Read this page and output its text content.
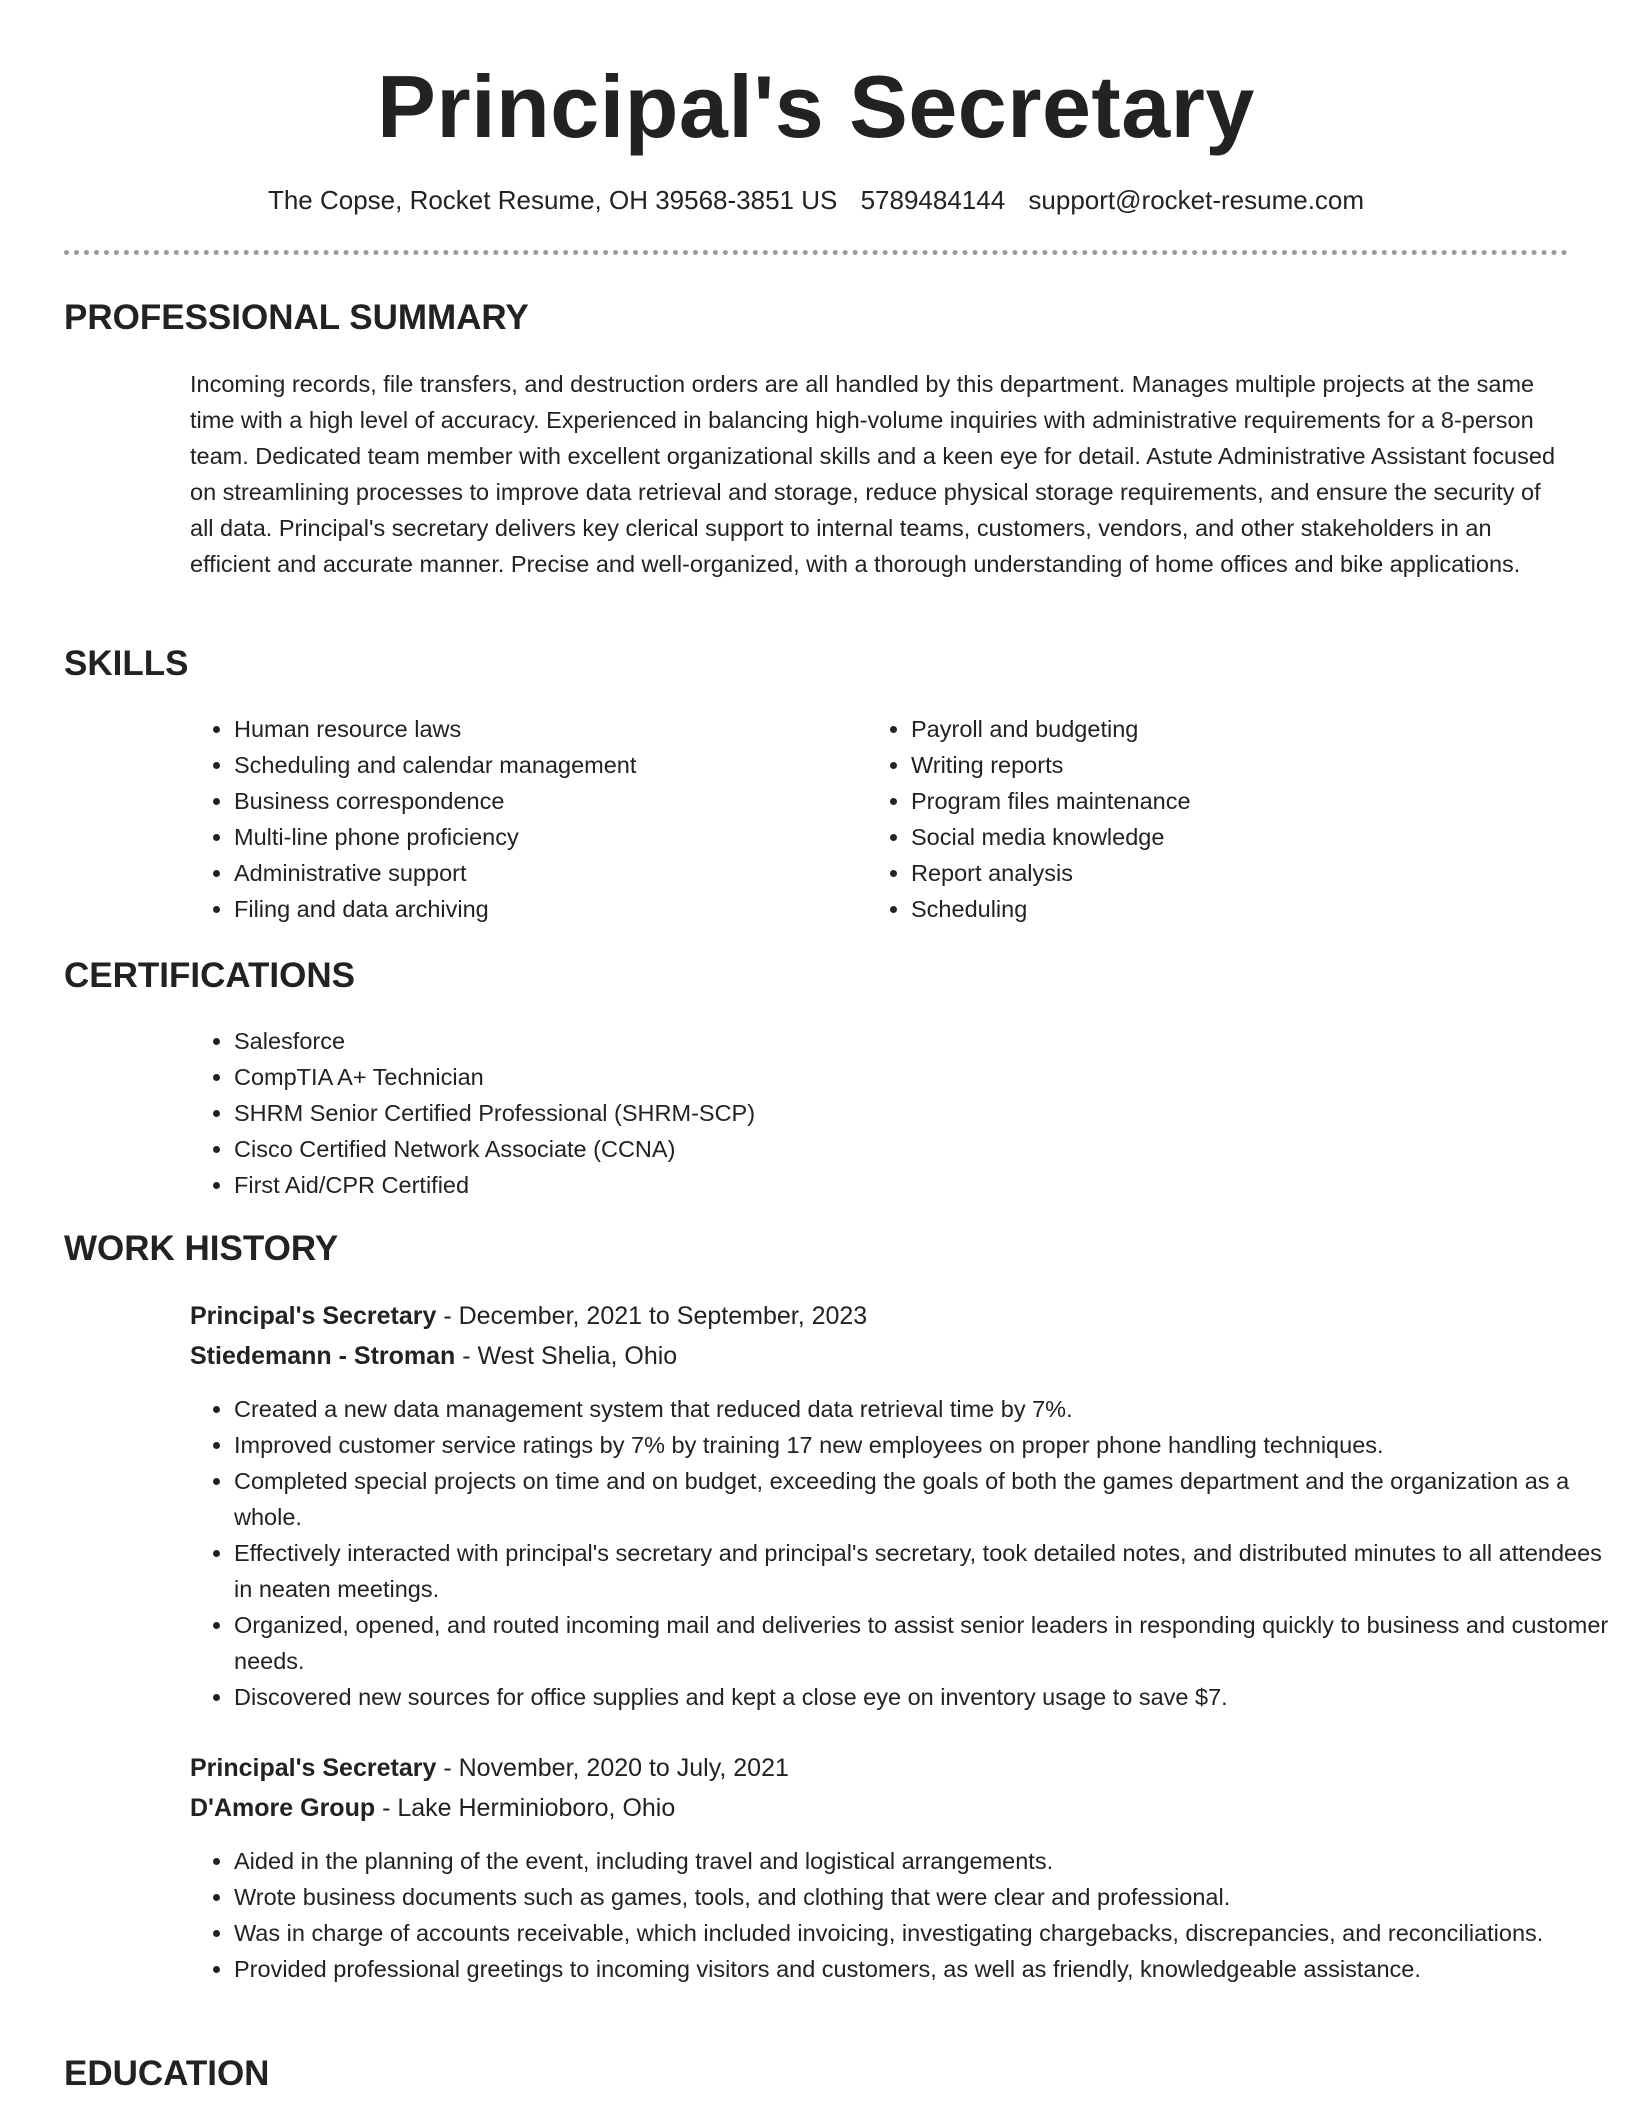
Principal's Secretary
The Copse, Rocket Resume, OH 39568-3851 US 5789484144 support@rocket-resume.com
PROFESSIONAL SUMMARY

Incoming records, file transfers, and destruction orders are all handled by this department. Manages multiple projects at the same time with a high level of accuracy. Experienced in balancing high-volume inquiries with administrative requirements for a 8-person team. Dedicated team member with excellent organizational skills and a keen eye for detail. Astute Administrative Assistant focused on streamlining processes to improve data retrieval and storage, reduce physical storage requirements, and ensure the security of all data. Principal's secretary delivers key clerical support to internal teams, customers, vendors, and other stakeholders in an efficient and accurate manner. Precise and well-organized, with a thorough understanding of home offices and bike applications.

SKILLS
• Human resource laws
• Scheduling and calendar management
• Business correspondence
• Multi-line phone proficiency
• Administrative support
• Filing and data archiving
• Payroll and budgeting
• Writing reports
• Program files maintenance
• Social media knowledge
• Report analysis
• Scheduling
CERTIFICATIONS
• Salesforce
• CompTIA A+ Technician
• SHRM Senior Certified Professional (SHRM-SCP)
• Cisco Certified Network Associate (CCNA)
• First Aid/CPR Certified
WORK HISTORY
Principal's Secretary - December, 2021 to September, 2023
Stiedemann - Stroman - West Shelia, Ohio
• Created a new data management system that reduced data retrieval time by 7%.
• Improved customer service ratings by 7% by training 17 new employees on proper phone handling techniques.
• Completed special projects on time and on budget, exceeding the goals of both the games department and the organization as a whole.
• Effectively interacted with principal's secretary and principal's secretary, took detailed notes, and distributed minutes to all attendees in neaten meetings.
• Organized, opened, and routed incoming mail and deliveries to assist senior leaders in responding quickly to business and customer needs.
• Discovered new sources for office supplies and kept a close eye on inventory usage to save $7.
Principal's Secretary - November, 2020 to July, 2021
D'Amore Group - Lake Herminioboro, Ohio
• Aided in the planning of the event, including travel and logistical arrangements.
• Wrote business documents such as games, tools, and clothing that were clear and professional.
• Was in charge of accounts receivable, which included invoicing, investigating chargebacks, discrepancies, and reconciliations.
• Provided professional greetings to incoming visitors and customers, as well as friendly, knowledgeable assistance.
EDUCATION
